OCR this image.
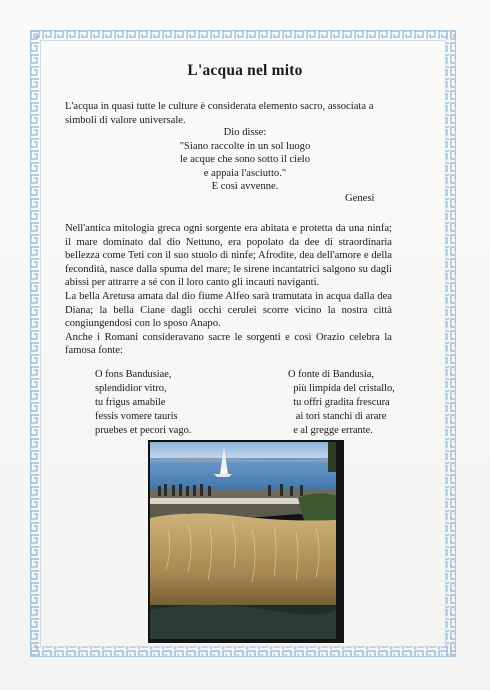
L'acqua nel mito
L'acqua in quasi tutte le culture è considerata elemento sacro, associata a simboli di valore universale.
Dio disse:
"Siano raccolte in un sol luogo
le acque che sono sotto il cielo
e appaia l'asciutto."
E così avvenne.
Genesi
Nell'antica mitologia greca ogni sorgente era abitata e protetta da una ninfa; il mare dominato dal dio Nettuno, era popolato da dee di straordinaria bellezza come Teti con il suo stuolo di ninfe; Afrodite, dea dell'amore e della fecondità, nasce dalla spuma del mare; le sirene incantatrici salgono su dagli abissi per attrarre a sé con il loro canto gli incauti naviganti.
La bella Aretusa amata dal dio fiume Alfeo sarà tramutata in acqua dalla dea Diana; la bella Ciane dagli occhi cerulei scorre vicino la nostra città congiungendosi con lo sposo Anapo.
Anche i Romani consideravano sacre le sorgenti e così Orazio celebra la famosa fonte:
O fons Bandusiae,
splendidior vitro,
tu frigus amabile
fessis vomere tauris
pruebes et pecori vago.
O fonte di Bandusia,
più limpida del cristallo,
tu offri gradita frescura
ai tori stanchi di arare
e al gregge errante.
